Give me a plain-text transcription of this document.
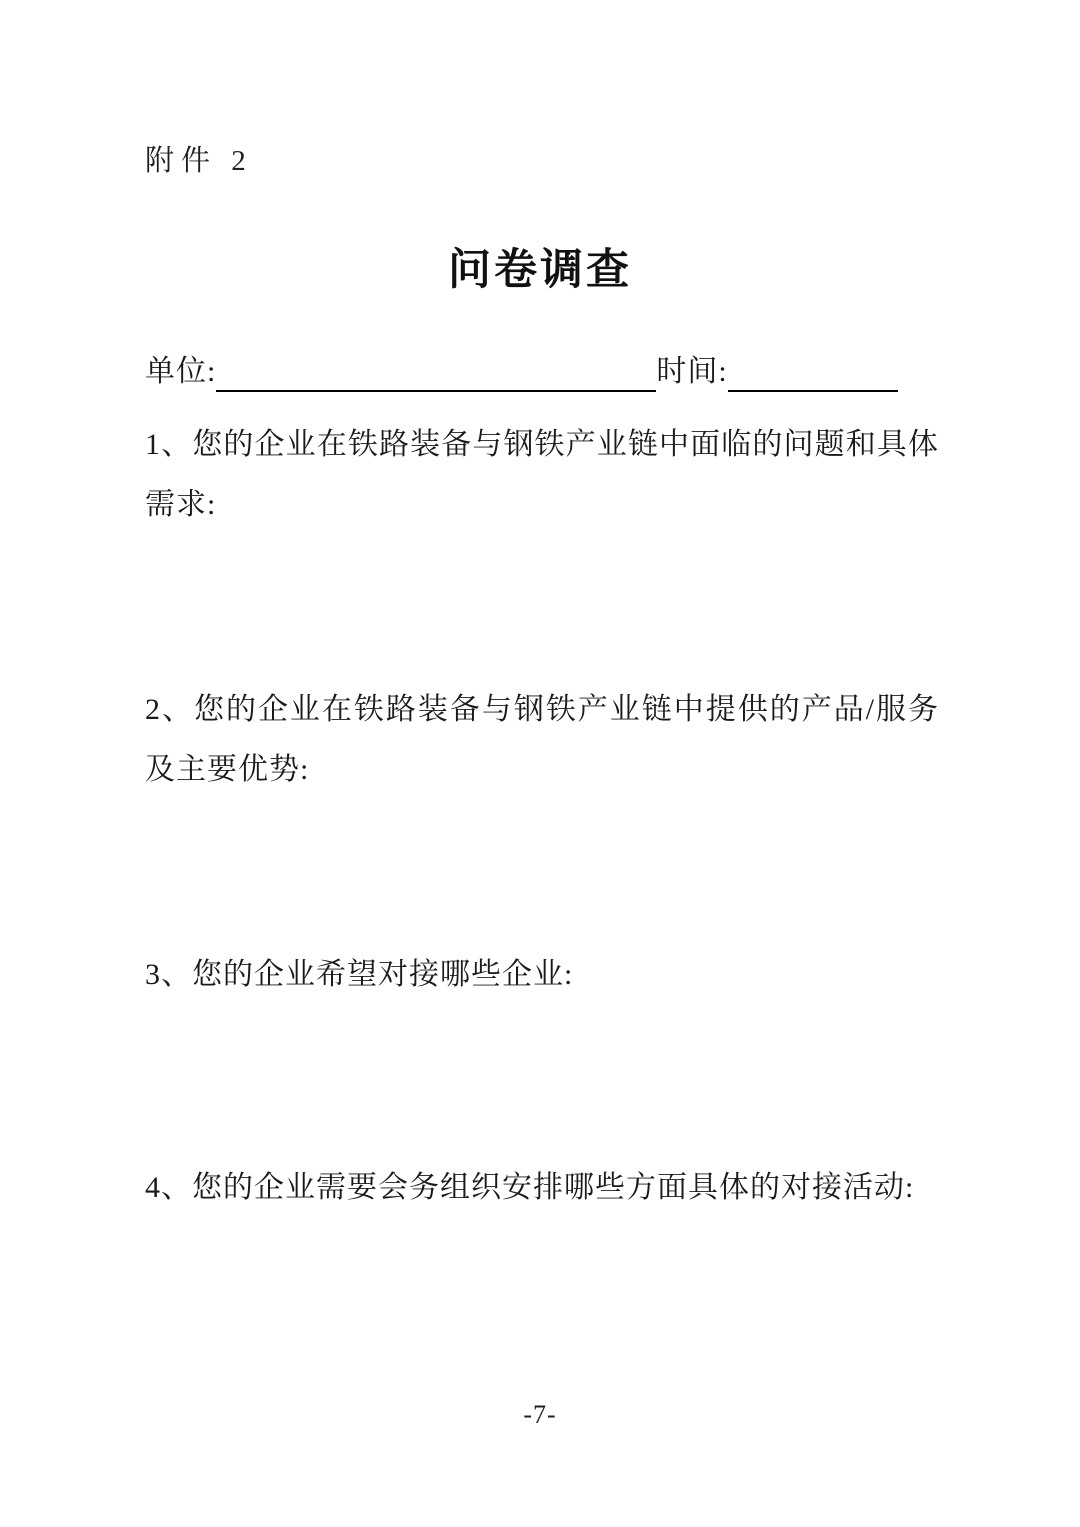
附件 2
问卷调查
单位:	时间:
1、您的企业在铁路装备与钢铁产业链中面临的问题和具体需求:
2、您的企业在铁路装备与钢铁产业链中提供的产品/服务及主要优势:
3、您的企业希望对接哪些企业:
4、您的企业需要会务组织安排哪些方面具体的对接活动:
-7-
